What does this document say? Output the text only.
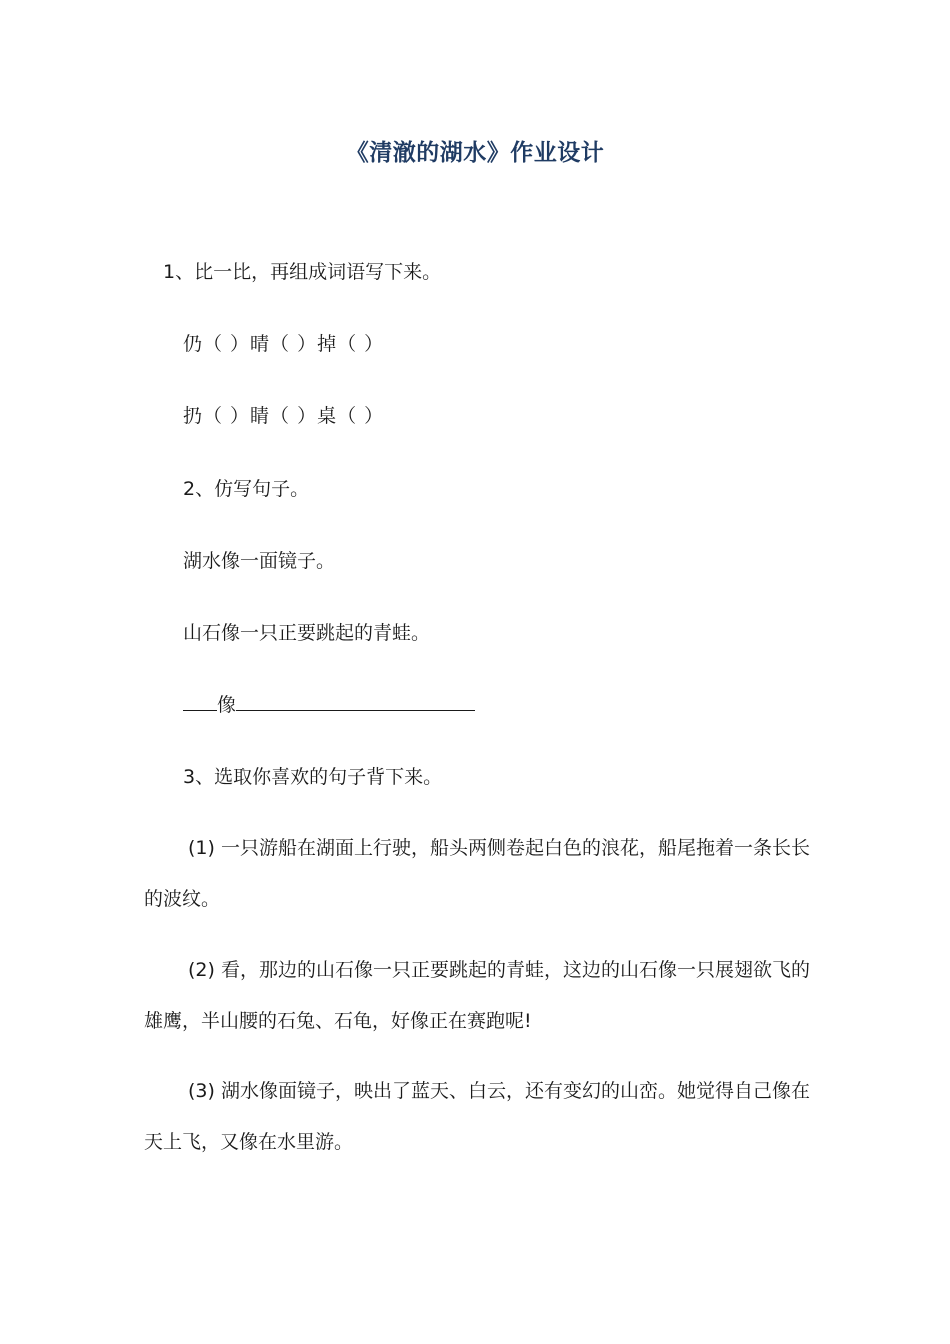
《清澈的湖水》作业设计
1、比一比，再组成词语写下来。
仍（ ）晴（ ）掉（ ）
扔（ ）睛（ ）桌（ ）
2、仿写句子。
湖水像一面镜子。
山石像一只正要跳起的青蛙。
像
3、选取你喜欢的句子背下来。
(1) 一只游船在湖面上行驶，船头两侧卷起白色的浪花，船尾拖着一条长长的波纹。
(2) 看，那边的山石像一只正要跳起的青蛙，这边的山石像一只展翅欲飞的雄鹰，半山腰的石兔、石龟，好像正在赛跑呢!
(3) 湖水像面镜子，映出了蓝天、白云，还有变幻的山峦。她觉得自己像在天上飞，又像在水里游。
